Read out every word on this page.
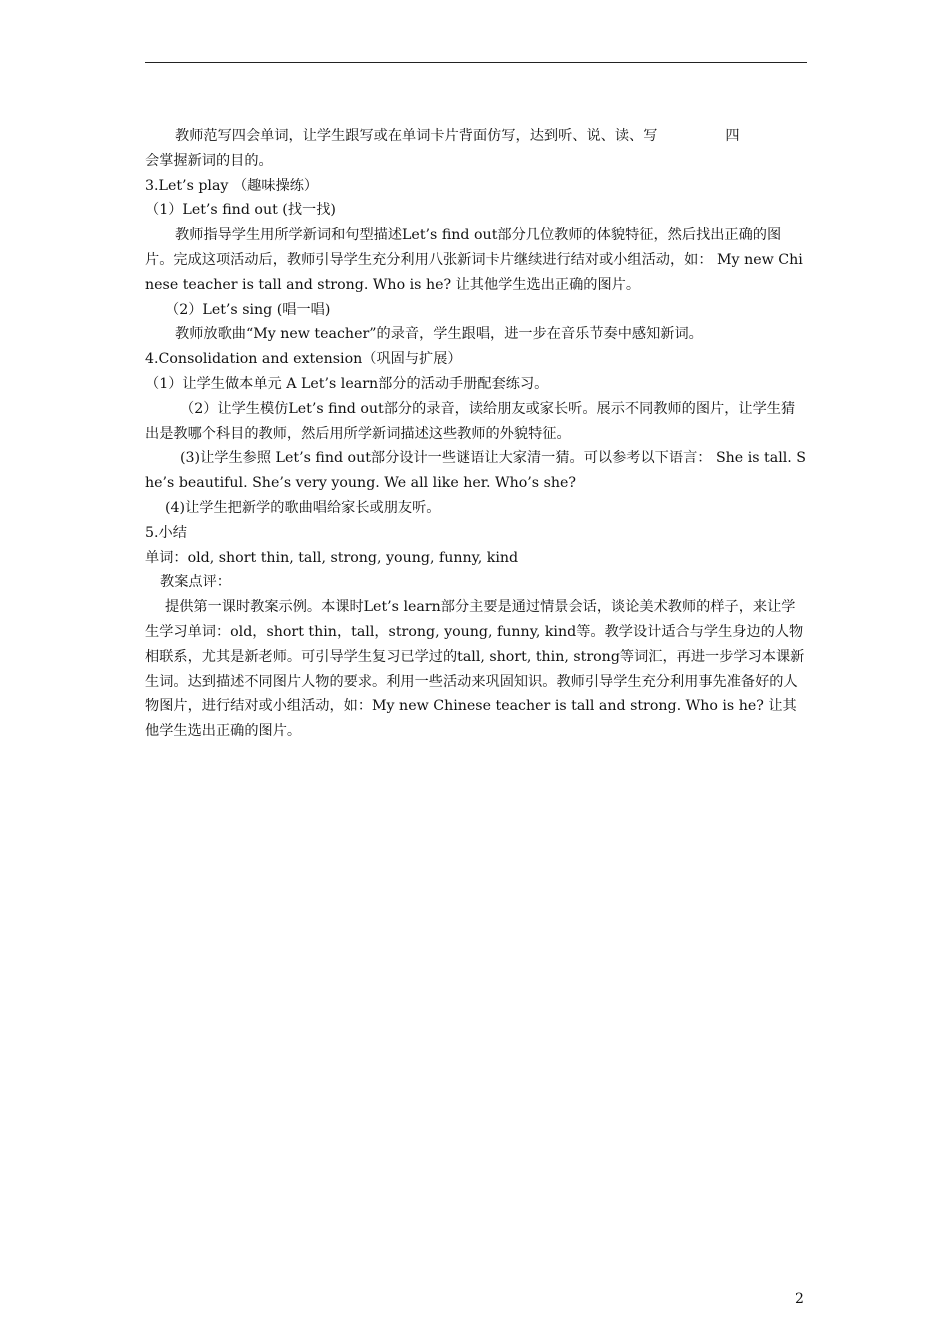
教师范写四会单词，让学生跟写或在单词卡片背面仿写，达到听、说、读、写	四
会掌握新词的目的。

3.Let’s play （趣味操练）

（1）Let’s find out (找一找)

教师指导学生用所学新词和句型描述Let’s find out部分几位教师的体貌特征，然后找出正确的图片。完成这项活动后，教师引导学生充分利用八张新词卡片继续进行结对或小组活动，如： My new Chinese teacher is tall and strong. Who is he? 让其他学生选出正确的图片。

（2）Let’s sing (唱一唱)

教师放歌曲“My new teacher”的录音，学生跟唱，进一步在音乐节奏中感知新词。

4.Consolidation and extension（巩固与扩展）

（1）让学生做本单元 A Let’s learn部分的活动手册配套练习。

（2）让学生模仿Let’s find out部分的录音，读给朋友或家长听。展示不同教师的图片，让学生猜出是教哪个科目的教师，然后用所学新词描述这些教师的外貌特征。

(3)让学生参照 Let’s find out部分设计一些谜语让大家清一猜。可以参考以下语言： She is tall. She’s beautiful. She’s very young. We all like her. Who’s she?

(4)让学生把新学的歌曲唱给家长或朋友听。

5.小结

单词：old, short thin, tall, strong, young, funny, kind

教案点评：

提供第一课时教案示例。本课时Let’s learn部分主要是通过情景会话，谈论美术教师的样子，来让学生学习单词：old，short thin，tall，strong, young, funny, kind等。教学设计适合与学生身边的人物相联系，尤其是新老师。可引导学生复习已学过的tall, short, thin, strong等词汇，再进一步学习本课新生词。达到描述不同图片人物的要求。利用一些活动来巩固知识。教师引导学生充分利用事先准备好的人物图片，进行结对或小组活动，如：My new Chinese teacher is tall and strong. Who is he? 让其他学生选出正确的图片。

2
